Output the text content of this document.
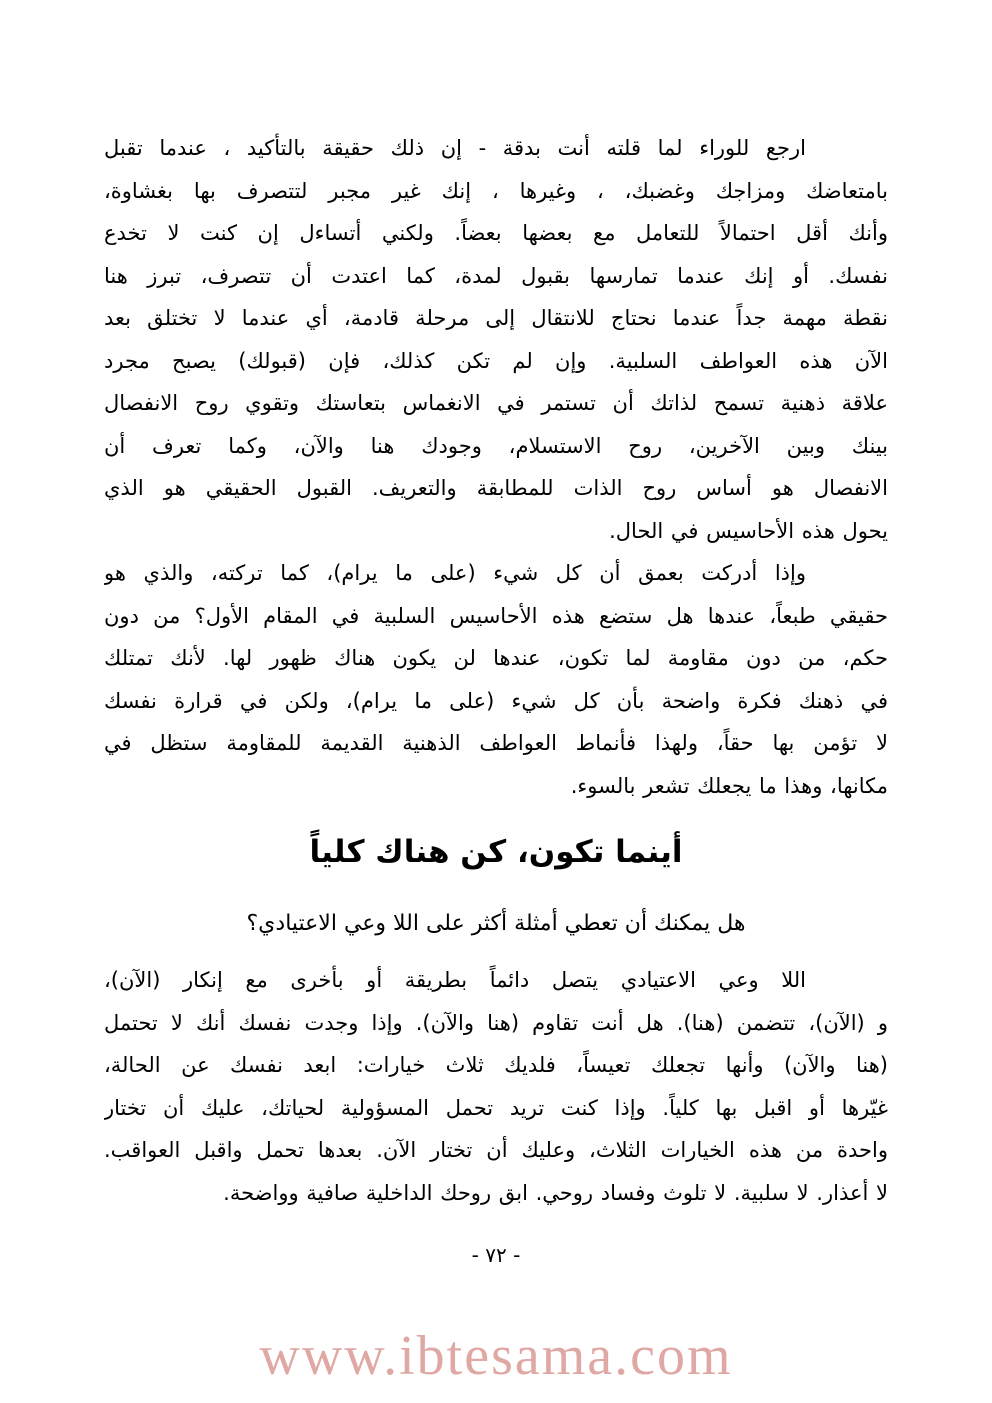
ارجع للوراء لما قلته أنت بدقة - إن ذلك حقيقة بالتأكيد ، عندما تقبل
بامتعاضك ومزاجك وغضبك، ، وغيرها ، إنك غير مجبر لتتصرف بها بغشاوة،
وأنك أقل احتمالاً للتعامل مع بعضها بعضاً. ولكني أتساءل إن كنت لا تخدع
نفسك. أو إنك عندما تمارسها بقبول لمدة، كما اعتدت أن تتصرف، تبرز هنا
نقطة مهمة جداً عندما نحتاج للانتقال إلى مرحلة قادمة، أي عندما لا تختلق بعد
الآن هذه العواطف السلبية. وإن لم تكن كذلك، فإن (قبولك) يصبح مجرد
علاقة ذهنية تسمح لذاتك أن تستمر في الانغماس بتعاستك وتقوي روح الانفصال
بينك وبين الآخرين، روح الاستسلام، وجودك هنا والآن، وكما تعرف أن
الانفصال هو أساس روح الذات للمطابقة والتعريف. القبول الحقيقي هو الذي
يحول هذه الأحاسيس في الحال.
وإذا أدركت بعمق أن كل شيء (على ما يرام)، كما تركته، والذي هو
حقيقي طبعاً، عندها هل ستضع هذه الأحاسيس السلبية في المقام الأول؟ من دون
حكم، من دون مقاومة لما تكون، عندها لن يكون هناك ظهور لها. لأنك تمتلك
في ذهنك فكرة واضحة بأن كل شيء (على ما يرام)، ولكن في قرارة نفسك
لا تؤمن بها حقاً، ولهذا فأنماط العواطف الذهنية القديمة للمقاومة ستظل في
مكانها، وهذا ما يجعلك تشعر بالسوء.
أينما تكون، كن هناك كلياً
هل يمكنك أن تعطي أمثلة أكثر على اللا وعي الاعتيادي؟
اللا وعي الاعتيادي يتصل دائماً بطريقة أو بأخرى مع إنكار (الآن)،
و (الآن)، تتضمن (هنا). هل أنت تقاوم (هنا والآن). وإذا وجدت نفسك أنك لا تحتمل
(هنا والآن) وأنها تجعلك تعيساً، فلديك ثلاث خيارات: ابعد نفسك عن الحالة،
غيّرها أو اقبل بها كلياً. وإذا كنت تريد تحمل المسؤولية لحياتك، عليك أن تختار
واحدة من هذه الخيارات الثلاث، وعليك أن تختار الآن. بعدها تحمل واقبل العواقب.
لا أعذار. لا سلبية. لا تلوث وفساد روحي. ابق روحك الداخلية صافية وواضحة.
- ٧٢ -
www.ibtesama.com
